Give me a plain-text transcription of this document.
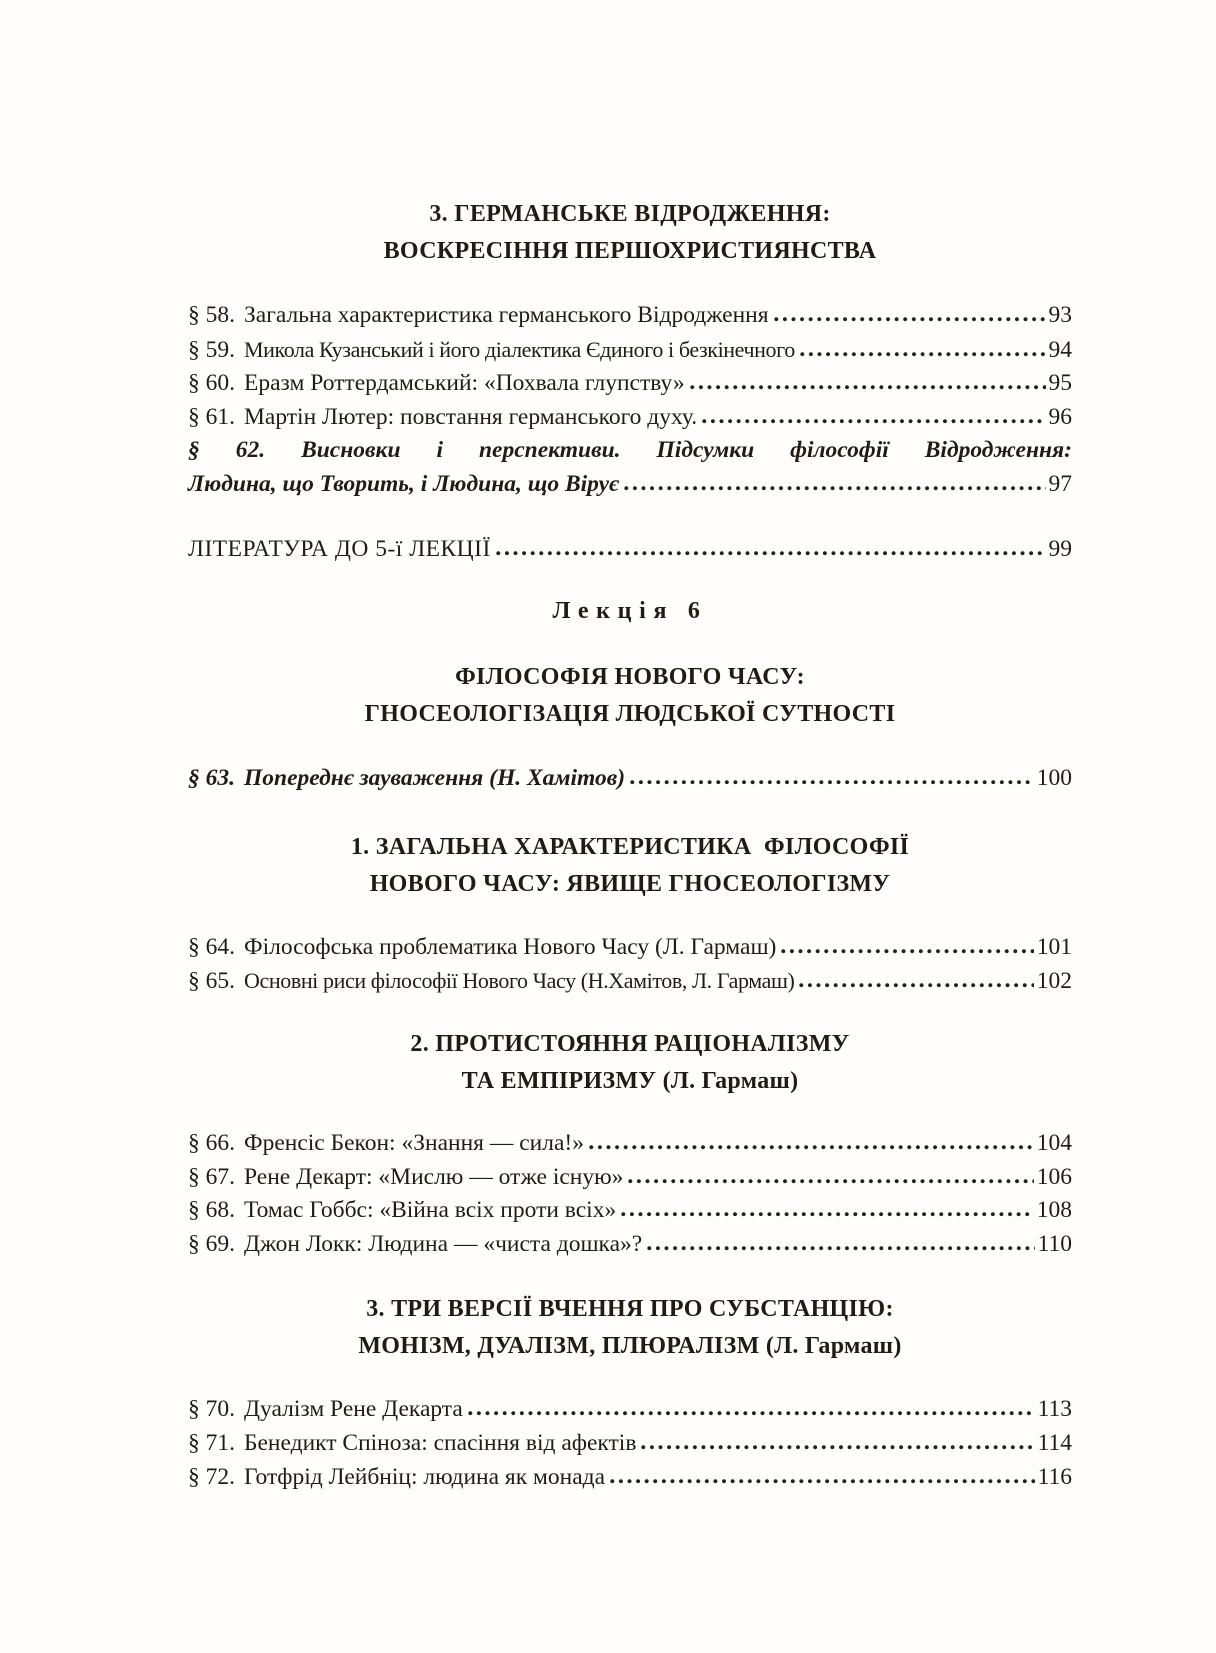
3. ГЕРМАНСЬКЕ ВІДРОДЖЕННЯ:
ВОСКРЕСІННЯ ПЕРШОХРИСТИЯНСТВА
§ 58. Загальна характеристика германського Відродження	93
§ 59. Микола Кузанський і його діалектика Єдиного і безкінечного	94
§ 60. Еразм Роттердамський: «Похвала глупству»	95
§ 61. Мартін Лютер: повстання германського духу.	96
§ 62. Висновки і перспективи. Підсумки філософії Відродження:
Людина, що Творить, і Людина, що Вірує	97
ЛІТЕРАТУРА ДО 5-ї ЛЕКЦІЇ	99
Лекція 6
ФІЛОСОФІЯ НОВОГО ЧАСУ:
ГНОСЕОЛОГІЗАЦІЯ ЛЮДСЬКОЇ СУТНОСТІ
§ 63. Попереднє зауваження (Н. Хамітов)	100
1. ЗАГАЛЬНА ХАРАКТЕРИСТИКА  ФІЛОСОФІЇ
НОВОГО ЧАСУ: ЯВИЩЕ ГНОСЕОЛОГІЗМУ
§ 64. Філософська проблематика Нового Часу (Л. Гармаш)	101
§ 65. Основні риси філософії Нового Часу (Н.Хамітов, Л. Гармаш)	102
2. ПРОТИСТОЯННЯ РАЦІОНАЛІЗМУ
ТА ЕМПІРИЗМУ (Л. Гармаш)
§ 66. Френсіс Бекон: «Знання — сила!»	104
§ 67. Рене Декарт: «Мислю — отже існую»	106
§ 68. Томас Гоббс: «Війна всіх проти всіх»	108
§ 69. Джон Локк: Людина — «чиста дошка»?	110
3. ТРИ ВЕРСІЇ ВЧЕННЯ ПРО СУБСТАНЦІЮ:
МОНІЗМ, ДУАЛІЗМ, ПЛЮРАЛІЗМ (Л. Гармаш)
§ 70. Дуалізм Рене Декарта	113
§ 71. Бенедикт Спіноза: спасіння від афектів	114
§ 72. Готфрід Лейбніц: людина як монада	116
